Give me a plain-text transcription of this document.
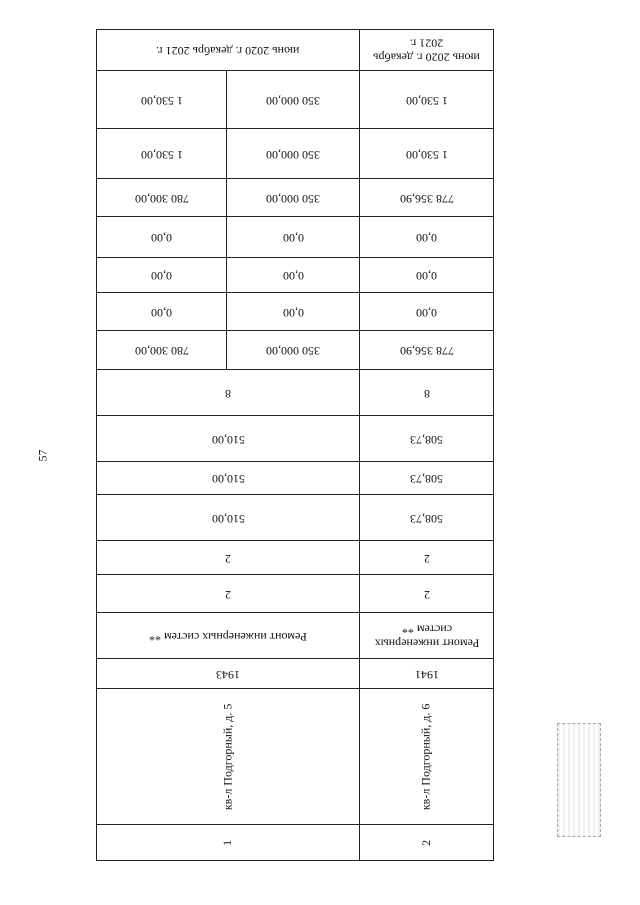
57
июнь 2020 г. декабрь 2021 г.	июнь 2020 г. декабрь 2021 г.
1 530,00	350 000,00	1 530,00
1 530,00	350 000,00	1 530,00
780 300,00	350 000,00	778 356,90
0,00	0,00	0,00
0,00	0,00	0,00
0,00	0,00	0,00
780 300,00	350 000,00	778 356,90
8	8
510,00	508,73
510,00	508,73
510,00	508,73
2	2
2	2
Ремонт инженерных систем **	Ремонт инженерных систем **
1943	1941
кв-л Подгорный, д. 5	кв-л Подгорный, д. 6
1	2
